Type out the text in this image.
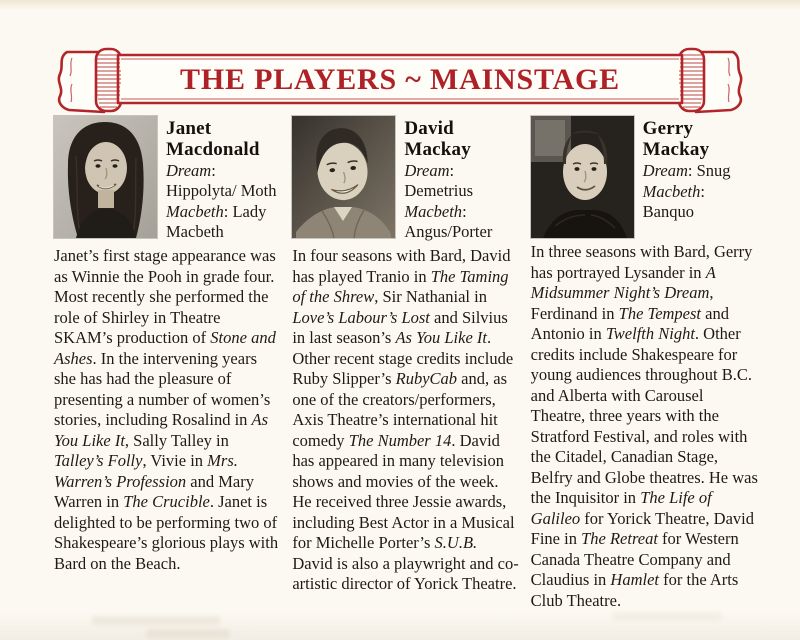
THE PLAYERS ~ MAINSTAGE
Janet Macdonald

Dream: Hippolyta/ Moth

Macbeth: Lady Macbeth

Janet’s first stage appearance was as Winnie the Pooh in grade four. Most recently she performed the role of Shirley in Theatre SKAM’s production of Stone and Ashes. In the intervening years she has had the pleasure of presenting a number of women’s stories, including Rosalind in As You Like It, Sally Talley in Talley’s Folly, Vivie in Mrs. Warren’s Profession and Mary Warren in The Crucible. Janet is delighted to be performing two of Shakespeare’s glorious plays with Bard on the Beach.

David Mackay

Dream: Demetrius

Macbeth: Angus/Porter

In four seasons with Bard, David has played Tranio in The Taming of the Shrew, Sir Nathanial in Love’s Labour’s Lost and Silvius in last season’s As You Like It. Other recent stage credits include Ruby Slipper’s RubyCab and, as one of the creators/performers, Axis Theatre’s international hit comedy The Number 14. David has appeared in many television shows and movies of the week. He received three Jessie awards, including Best Actor in a Musical for Michelle Porter’s S.U.B. David is also a playwright and co-artistic director of Yorick Theatre.

Gerry Mackay

Dream: Snug

Macbeth: Banquo

In three seasons with Bard, Gerry has portrayed Lysander in A Midsummer Night’s Dream, Ferdinand in The Tempest and Antonio in Twelfth Night. Other credits include Shakespeare for young audiences throughout B.C. and Alberta with Carousel Theatre, three years with the Stratford Festival, and roles with the Citadel, Canadian Stage, Belfry and Globe theatres. He was the Inquisitor in The Life of Galileo for Yorick Theatre, David Fine in The Retreat for Western Canada Theatre Company and Claudius in Hamlet for the Arts Club Theatre.
